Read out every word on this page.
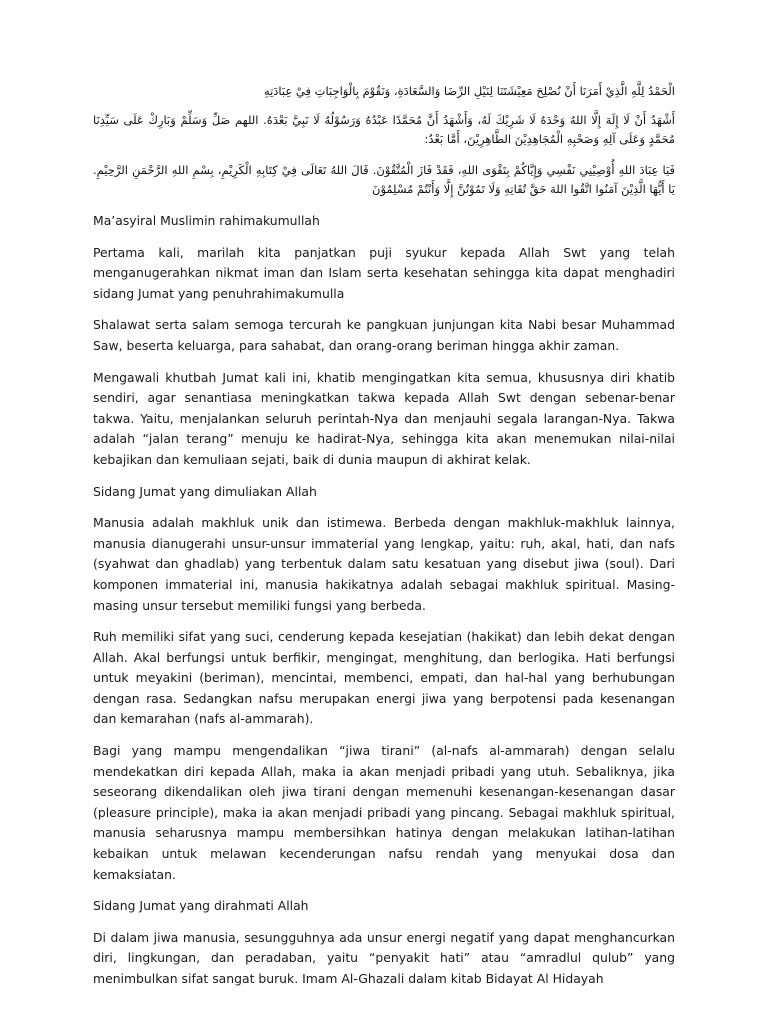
الْحَمْدُ لِلَّهِ الَّذِيْ أَمَرَنَا أَنْ نُصْلِحَ مَعِيْشَتَنَا لِنَيْلِ الرِّضَا وَالسَّعَادَةِ، وَنَقُوْمَ بِالْوَاجِبَاتِ فِيْ عِبَادَتِهِ

أَشْهَدُ أَنْ لَا إِلَهَ إِلَّا اللهُ وَحْدَهُ لَا شَرِيْكَ لَهُ، وَأَشْهَدُ أَنَّ مُحَمَّدًا عَبْدُهُ وَرَسُوْلُهُ لَا نَبِيَّ بَعْدَهُ. اللهم صَلِّ وَسَلِّمْ وَبَارِكْ عَلَى سَيِّدِنَا مُحَمَّدٍ وَعَلَى آلِهِ وَصَحْبِهِ الْمُجَاهِدِيْنَ الطَّاهِرِيْنَ، أَمَّا بَعْدُ:

فَيَا عِبَادَ اللهِ أُوْصِيْنِي نَفْسِي وَإِيَّاكُمْ بِتَقْوَى اللهِ، فَقَدْ فَازَ الْمُتَّقُوْنَ. قَالَ اللهُ تَعَالَى فِيْ كِتَابِهِ الْكَرِيْمِ، بِسْمِ اللهِ الرَّحْمَنِ الرَّحِيْمِ. يَا أَيُّهَا الَّذِيْنَ آمَنُوا اتَّقُوا اللهَ حَقَّ تُقَاتِهِ وَلَا تَمُوْتُنَّ إِلَّا وَأَنْتُمْ مُسْلِمُوْنَ

Ma’asyiral Muslimin rahimakumullah

Pertama kali, marilah kita panjatkan puji syukur kepada Allah Swt yang telah menganugerahkan nikmat iman dan Islam serta kesehatan sehingga kita dapat menghadiri sidang Jumat yang penuhrahimakumulla

Shalawat serta salam semoga tercurah ke pangkuan junjungan kita Nabi besar Muhammad Saw, beserta keluarga, para sahabat, dan orang-orang beriman hingga akhir zaman.

Mengawali khutbah Jumat kali ini, khatib mengingatkan kita semua, khususnya diri khatib sendiri, agar senantiasa meningkatkan takwa kepada Allah Swt dengan sebenar-benar takwa. Yaitu, menjalankan seluruh perintah-Nya dan menjauhi segala larangan-Nya. Takwa adalah “jalan terang” menuju ke hadirat-Nya, sehingga kita akan menemukan nilai-nilai kebajikan dan kemuliaan sejati, baik di dunia maupun di akhirat kelak.

Sidang Jumat yang dimuliakan Allah

Manusia adalah makhluk unik dan istimewa. Berbeda dengan makhluk-makhluk lainnya, manusia dianugerahi unsur-unsur immaterial yang lengkap, yaitu: ruh, akal, hati, dan nafs (syahwat dan ghadlab) yang terbentuk dalam satu kesatuan yang disebut jiwa (soul). Dari komponen immaterial ini, manusia hakikatnya adalah sebagai makhluk spiritual. Masing-masing unsur tersebut memiliki fungsi yang berbeda.

Ruh memiliki sifat yang suci, cenderung kepada kesejatian (hakikat) dan lebih dekat dengan Allah. Akal berfungsi untuk berfikir, mengingat, menghitung, dan berlogika. Hati berfungsi untuk meyakini (beriman), mencintai, membenci, empati, dan hal-hal yang berhubungan dengan rasa. Sedangkan nafsu merupakan energi jiwa yang berpotensi pada kesenangan dan kemarahan (nafs al-ammarah).

Bagi yang mampu mengendalikan “jiwa tirani” (al-nafs al-ammarah) dengan selalu mendekatkan diri kepada Allah, maka ia akan menjadi pribadi yang utuh. Sebaliknya, jika seseorang dikendalikan oleh jiwa tirani dengan memenuhi kesenangan-kesenangan dasar (pleasure principle), maka ia akan menjadi pribadi yang pincang. Sebagai makhluk spiritual, manusia seharusnya mampu membersihkan hatinya dengan melakukan latihan-latihan kebaikan untuk melawan kecenderungan nafsu rendah yang menyukai dosa dan kemaksiatan.

Sidang Jumat yang dirahmati Allah

Di dalam jiwa manusia, sesungguhnya ada unsur energi negatif yang dapat menghancurkan diri, lingkungan, dan peradaban, yaitu “penyakit hati” atau “amradlul qulub” yang menimbulkan sifat sangat buruk. Imam Al-Ghazali dalam kitab Bidayat Al Hidayah
